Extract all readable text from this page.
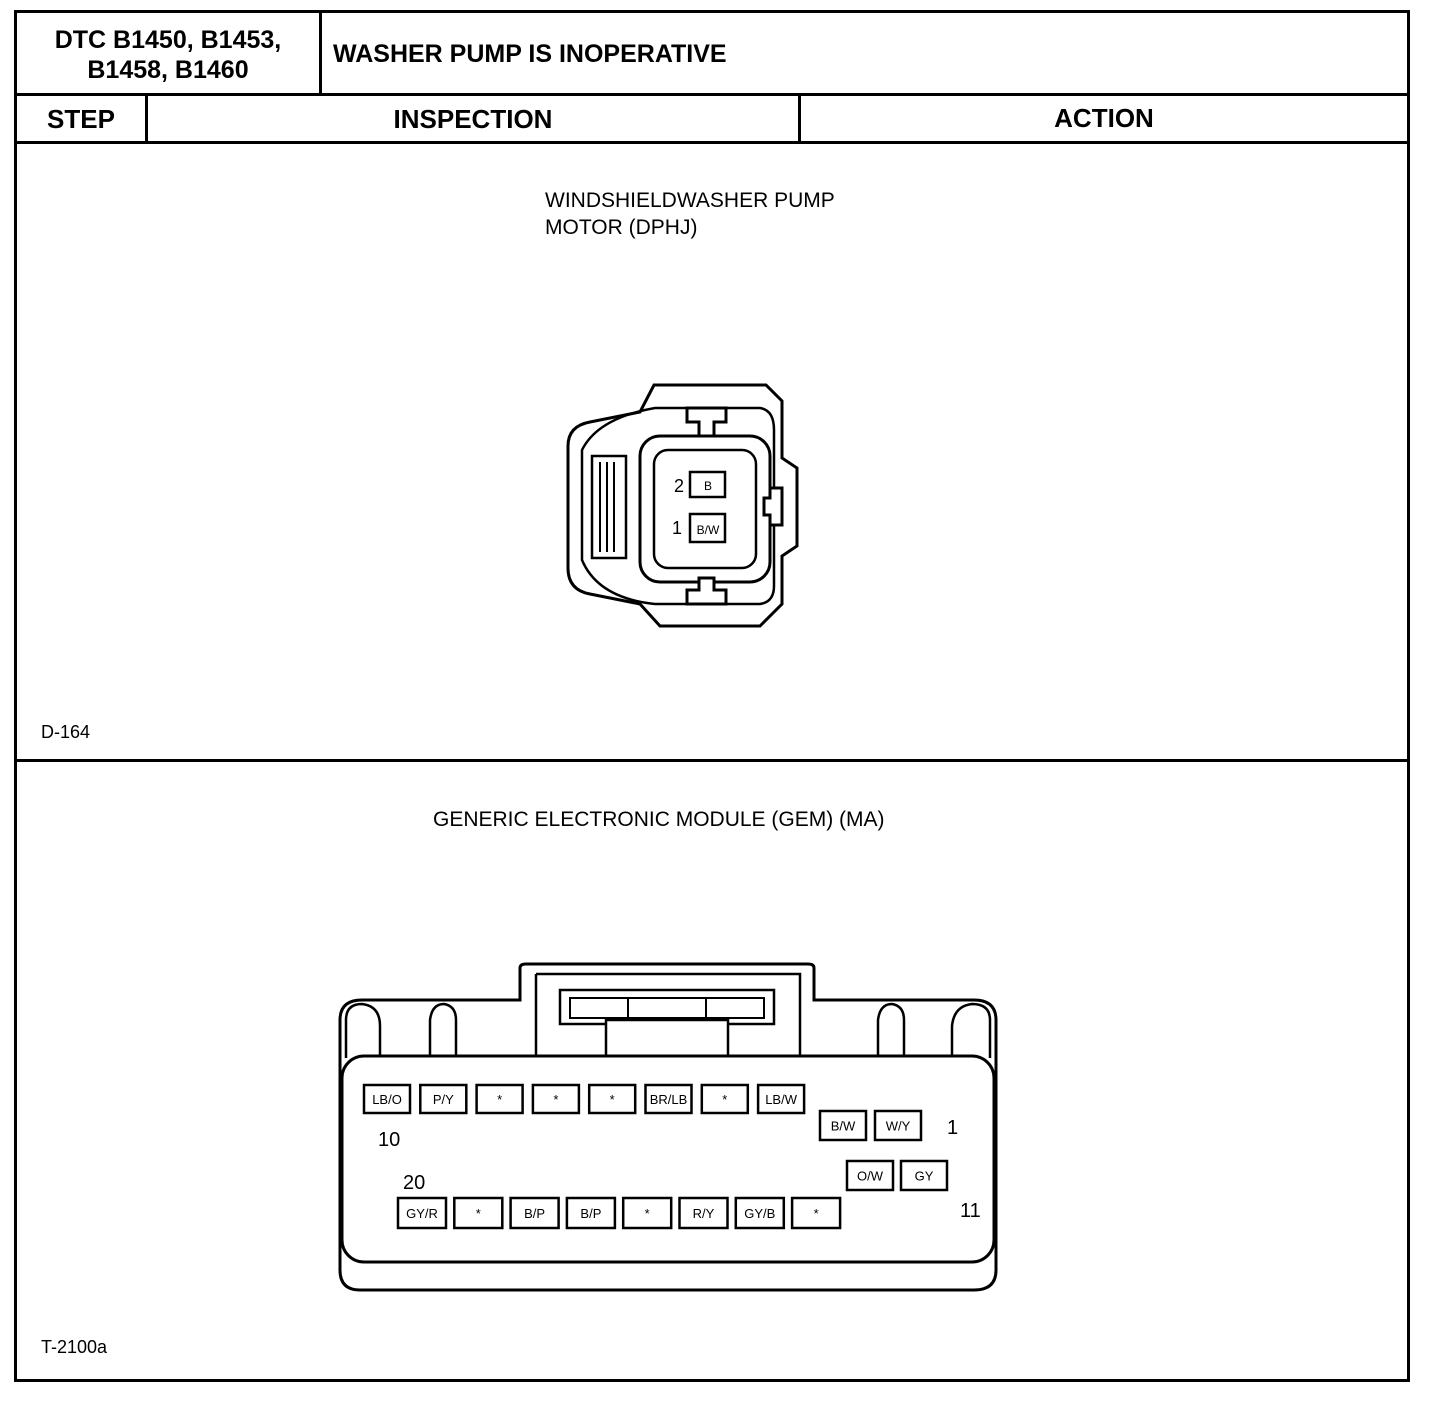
DTC B1450, B1453,
B1458, B1460
WASHER PUMP IS INOPERATIVE
STEP	INSPECTION	ACTION
WINDSHIELDWASHER PUMP
MOTOR (DPHJ)
D-164
GENERIC ELECTRONIC MODULE (GEM) (MA)
T-2100a
2 B
1 B/W
10
1
20
11
LB/O P/Y	*	*	*	BR/LB	*	LB/W
B/W W/Y
O/W GY
GY/R	*	B/P	B/P	*	R/Y GY/B	*
